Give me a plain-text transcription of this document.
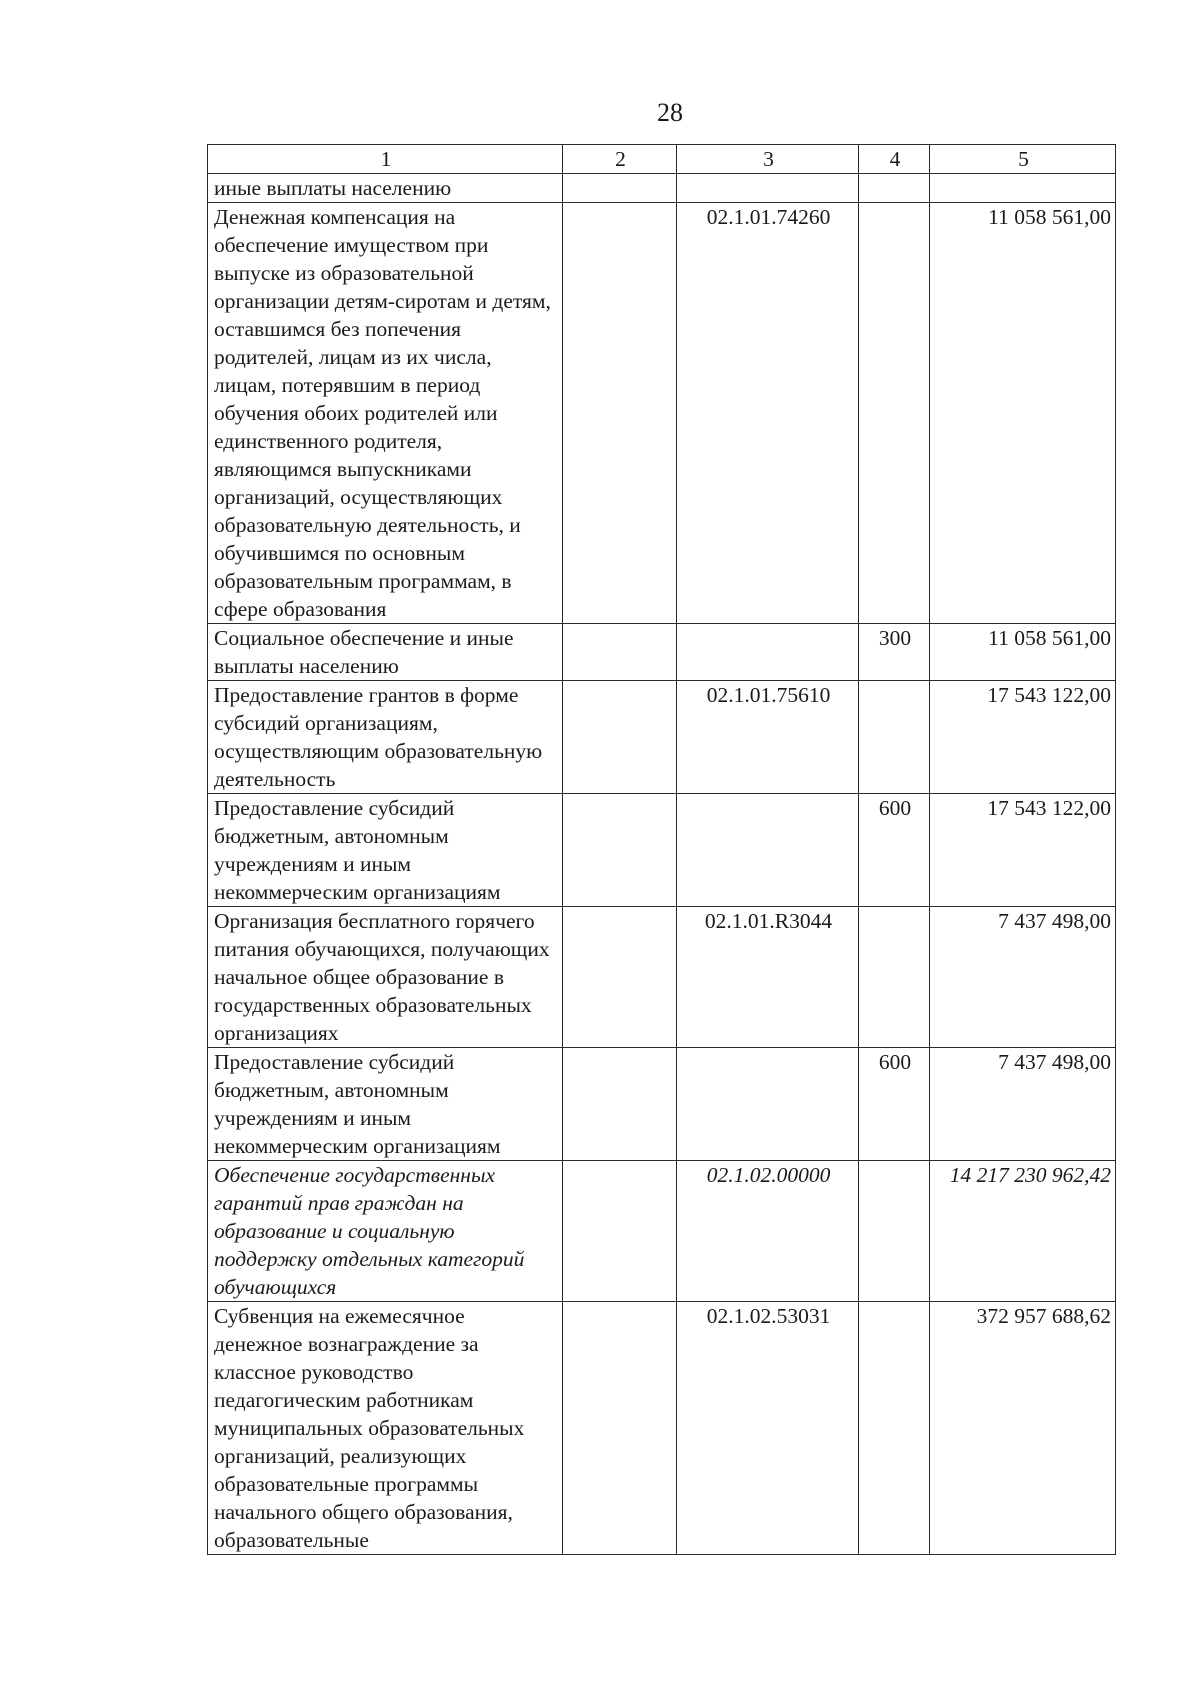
28
1	2	3	4	5
иные выплаты населению				
Денежная компенсация на обеспечение имуществом при выпуске из образовательной организации детям-сиротам и детям, оставшимся без попечения родителей, лицам из их числа, лицам, потерявшим в период обучения обоих родителей или единственного родителя, являющимся выпускниками организаций, осуществляющих образовательную деятельность, и обучившимся по основным образовательным программам, в сфере образования		02.1.01.74260		11 058 561,00
Социальное обеспечение и иные выплаты населению			300	11 058 561,00
Предоставление грантов в форме субсидий организациям, осуществляющим образовательную деятельность		02.1.01.75610		17 543 122,00
Предоставление субсидий бюджетным, автономным учреждениям и иным некоммерческим организациям			600	17 543 122,00
Организация бесплатного горячего питания обучающихся, получающих начальное общее образование в государственных образовательных организациях		02.1.01.R3044		7 437 498,00
Предоставление субсидий бюджетным, автономным учреждениям и иным некоммерческим организациям			600	7 437 498,00
Обеспечение государственных гарантий прав граждан на образование и социальную поддержку отдельных категорий обучающихся		02.1.02.00000		14 217 230 962,42
Субвенция на ежемесячное денежное вознаграждение за классное руководство педагогическим работникам муниципальных образовательных организаций, реализующих образовательные программы начального общего образования, образовательные		02.1.02.53031		372 957 688,62
